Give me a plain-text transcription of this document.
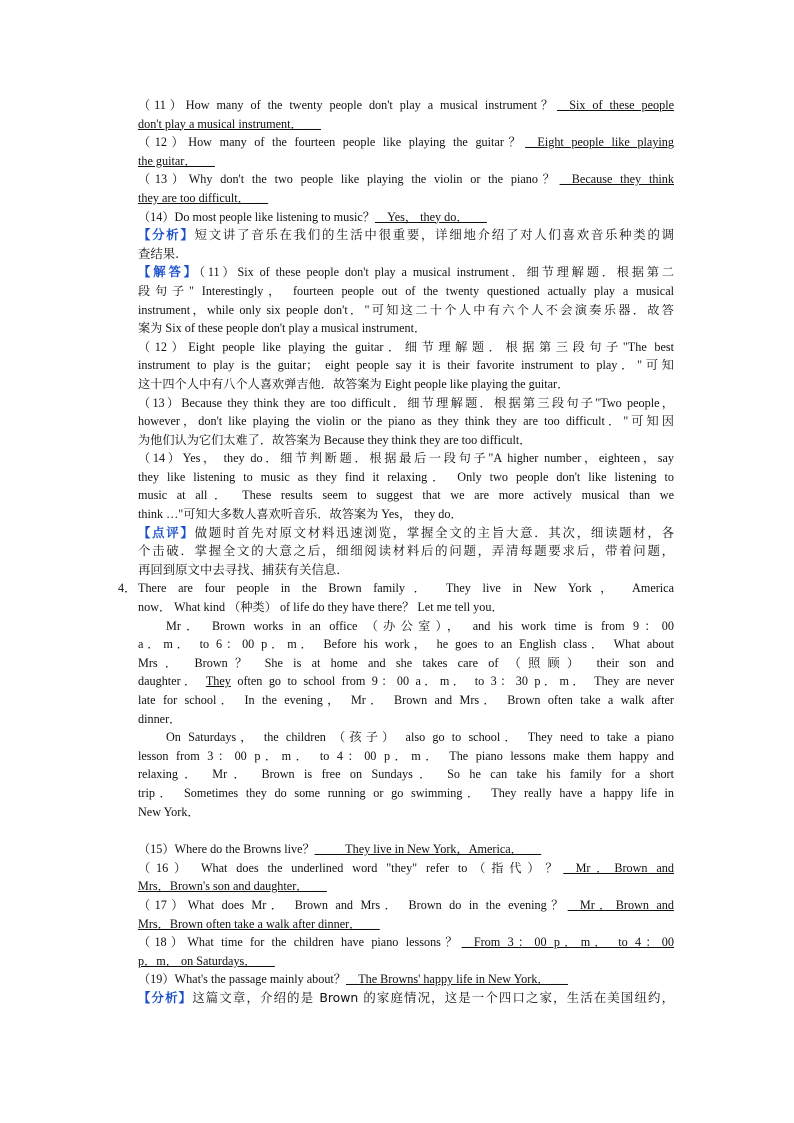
（11）How many of the twenty people don't play a musical instrument？__Six of these people
don't play a musical instrument．___
（12）How many of the fourteen people like playing the guitar？__Eight people like playing
the guitar．___
（13）Why don't the two people like playing the violin or the piano？__Because they think
they are too difficult．___
（14）Do most people like listening to music？__Yes， they do．___
【分析】短文讲了音乐在我们的生活中很重要，详细地介绍了对人们喜欢音乐种类的调
查结果.
【解答】（11）Six of these people don't play a musical instrument．细节理解题．根据第二
段句子" Interestingly， fourteen people out of the twenty questioned actually play a musical
instrument，while only six people don't．"可知这二十个人中有六个人不会演奏乐器．故答
案为 Six of these people don't play a musical instrument．
（12）Eight people like playing the guitar．细节理解题．根据第三段句子"The best
instrument to play is the guitar； eight people say it is their favorite instrument to play．"可知
这十四个人中有八个人喜欢弹吉他．故答案为 Eight people like playing the guitar．
（13）Because they think they are too difficult．细节理解题．根据第三段句子"Two people，
however，don't like playing the violin or the piano as they think they are too difficult．"可知因
为他们认为它们太难了．故答案为 Because they think they are too difficult．
（14）Yes， they do．细节判断题．根据最后一段句子"A higher number，eighteen，say
they like listening to music as they find it relaxing． Only two people don't like listening to
music at all． These results seem to suggest that we are more actively musical than we
think …"可知大多数人喜欢听音乐．故答案为 Yes， they do．
【点评】做题时首先对原文材料迅速浏览，掌握全文的主旨大意．其次，细读题材，各
个击破．掌握全文的大意之后，细细阅读材料后的问题，弄清每题要求后，带着问题，
再回到原文中去寻找、捕获有关信息．
4． There are four people in the Brown family． They live in New York， America
now． What kind （种类） of life do they have there？ Let me tell you．
Mr． Brown works in an office （办公室）， and his work time is from 9：00
a．m． to 6：00 p．m． Before his work， he goes to an English class． What about
Mrs． Brown？ She is at home and she takes care of （照顾） their son and
daughter． They often go to school from 9：00 a．m． to 3：30 p．m． They are never
late for school． In the evening， Mr． Brown and Mrs． Brown often take a walk after
dinner．
On Saturdays， the children （孩子） also go to school． They need to take a piano
lesson from 3：00 p．m． to 4：00 p．m． The piano lessons make them happy and
relaxing． Mr． Brown is free on Sundays． So he can take his family for a short
trip． Sometimes they do some running or go swimming． They really have a happy life in
New York．
（15）Where do the Browns live？_____They live in New York，America．___
（16） What does the underlined word "they" refer to（指代）？__Mr．Brown and
Mrs．Brown's son and daughter．___
（17）What does Mr． Brown and Mrs． Brown do in the evening？__Mr．Brown and
Mrs．Brown often take a walk after dinner．___
（18）What time for the children have piano lessons？__From 3：00 p．m． to 4：00
p．m． on Saturdays．___
（19）What's the passage mainly about？__The Browns' happy life in New York．___
【分析】这篇文章，介绍的是 Brown 的家庭情况，这是一个四口之家，生活在美国纽约，
